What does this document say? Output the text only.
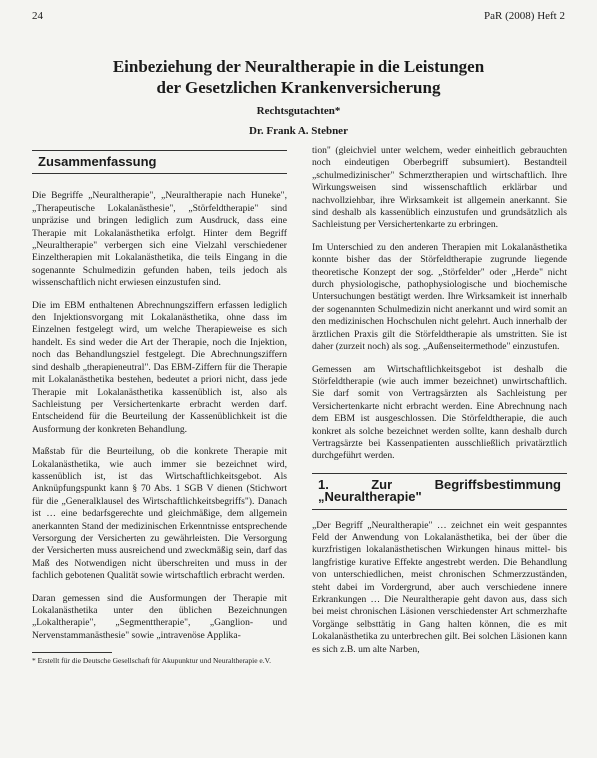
24	PaR (2008) Heft 2
Einbeziehung der Neuraltherapie in die Leistungen
der Gesetzlichen Krankenversicherung
Rechtsgutachten*
Dr. Frank A. Stebner
Zusammenfassung

Die Begriffe „Neuraltherapie", „Neuraltherapie nach Huneke", „Therapeutische Lokalanästhesie", „Störfeldtherapie" sind unpräzise und bringen lediglich zum Ausdruck, dass eine Therapie mit Lokalanästhetika erfolgt. Hinter dem Begriff „Neuraltherapie" verbergen sich eine Vielzahl verschiedener Einzeltherapien mit Lokalanästhetika, die teils Eingang in die sogenannte Schulmedizin gefunden haben, teils jedoch als wissenschaftlich nicht erwiesen einzustufen sind.

Die im EBM enthaltenen Abrechnungsziffern erfassen lediglich den Injektionsvorgang mit Lokalanästhetika, ohne dass im Einzelnen festgelegt wird, um welche Therapieweise es sich handelt. Es sind weder die Art der Therapie, noch die Injektion, noch das Behandlungsziel festgelegt. Die Abrechnungsziffern sind deshalb „therapieneutral". Das EBM-Ziffern für die Therapie mit Lokalanästhetika bestehen, bedeutet a priori nicht, dass jede Therapie mit Lokalanästhetika kassenüblich ist, also als Sachleistung per Versichertenkarte erbracht werden darf. Entscheidend für die Beurteilung der Kassenüblichkeit ist die Ausformung der konkreten Behandlung.

Maßstab für die Beurteilung, ob die konkrete Therapie mit Lokalanästhetika, wie auch immer sie bezeichnet wird, kassenüblich ist, ist das Wirtschaftlichkeitsgebot. Als Anknüpfungspunkt kann § 70 Abs. 1 SGB V dienen (Stichwort für die „Generalklausel des Wirtschaftlichkeitsbegriffs"). Danach ist … eine bedarfsgerechte und gleichmäßige, dem allgemein anerkannten Stand der medizinischen Erkenntnisse entsprechende Versorgung der Versicherten zu gewährleisten. Die Versorgung der Versicherten muss ausreichend und zweckmäßig sein, darf das Maß des Notwendigen nicht überschreiten und muss in der fachlich gebotenen Qualität sowie wirtschaftlich erbracht werden.

Daran gemessen sind die Ausformungen der Therapie mit Lokalanästhetika unter den üblichen Bezeichnungen „Lokaltherapie", „Segmenttherapie", „Ganglion- und Nervenstammanästhesie" sowie „intravenöse Applika-

* Erstellt für die Deutsche Gesellschaft für Akupunktur und Neuraltherapie e.V.

tion" (gleichviel unter welchem, weder einheitlich gebrauchten noch eindeutigen Oberbegriff subsumiert). Bestandteil „schulmedizinischer" Schmerztherapien und wirtschaftlich. Ihre Wirkungsweisen sind wissenschaftlich erklärbar und nachvollziehbar, ihre Wirksamkeit ist allgemein anerkannt. Sie sind deshalb als kassenüblich einzustufen und grundsätzlich als Sachleistung per Versichertenkarte zu erbringen.

Im Unterschied zu den anderen Therapien mit Lokalanästhetika konnte bisher das der Störfeldtherapie zugrunde liegende theoretische Konzept der sog. „Störfelder" oder „Herde" nicht durch physiologische, pathophysiologische und biochemische Untersuchungen bestätigt werden. Ihre Wirksamkeit ist innerhalb der sogenannten Schulmedizin nicht anerkannt und wird somit an den medizinischen Hochschulen nicht gelehrt. Auch innerhalb der ärztlichen Praxis gilt die Störfeldtherapie als umstritten. Sie ist daher (zurzeit noch) als sog. „Außenseitermethode" einzustufen.

Gemessen am Wirtschaftlichkeitsgebot ist deshalb die Störfeldtherapie (wie auch immer bezeichnet) unwirtschaftlich. Sie darf somit von Vertragsärzten als Sachleistung per Versichertenkarte nicht erbracht werden. Eine Abrechnung nach dem EBM ist ausgeschlossen. Die Störfeldtherapie, die auch konkret als solche bezeichnet werden sollte, kann deshalb durch Vertragsärzte bei Kassenpatienten ausschließlich privatärztlich durchgeführt werden.

1. Zur Begriffsbestimmung „Neuraltherapie"

„Der Begriff „Neuraltherapie" … zeichnet ein weit gespanntes Feld der Anwendung von Lokalanästhetika, bei der über die kurzfristigen lokalanästhetischen Wirkungen hinaus mittel- bis langfristige kurative Effekte angestrebt werden. Die Behandlung von unterschiedlichen, meist chronischen Schmerzzuständen, steht dabei im Vordergrund, aber auch verschiedene innere Erkrankungen … Die Neuraltherapie geht davon aus, dass sich bei meist chronischen Läsionen verschiedenster Art schmerzhafte Vorgänge selbsttätig in Gang halten können, die es mit Lokalanästhetika zu unterbrechen gilt. Bei solchen Läsionen kann es sich z.B. um alte Narben,
